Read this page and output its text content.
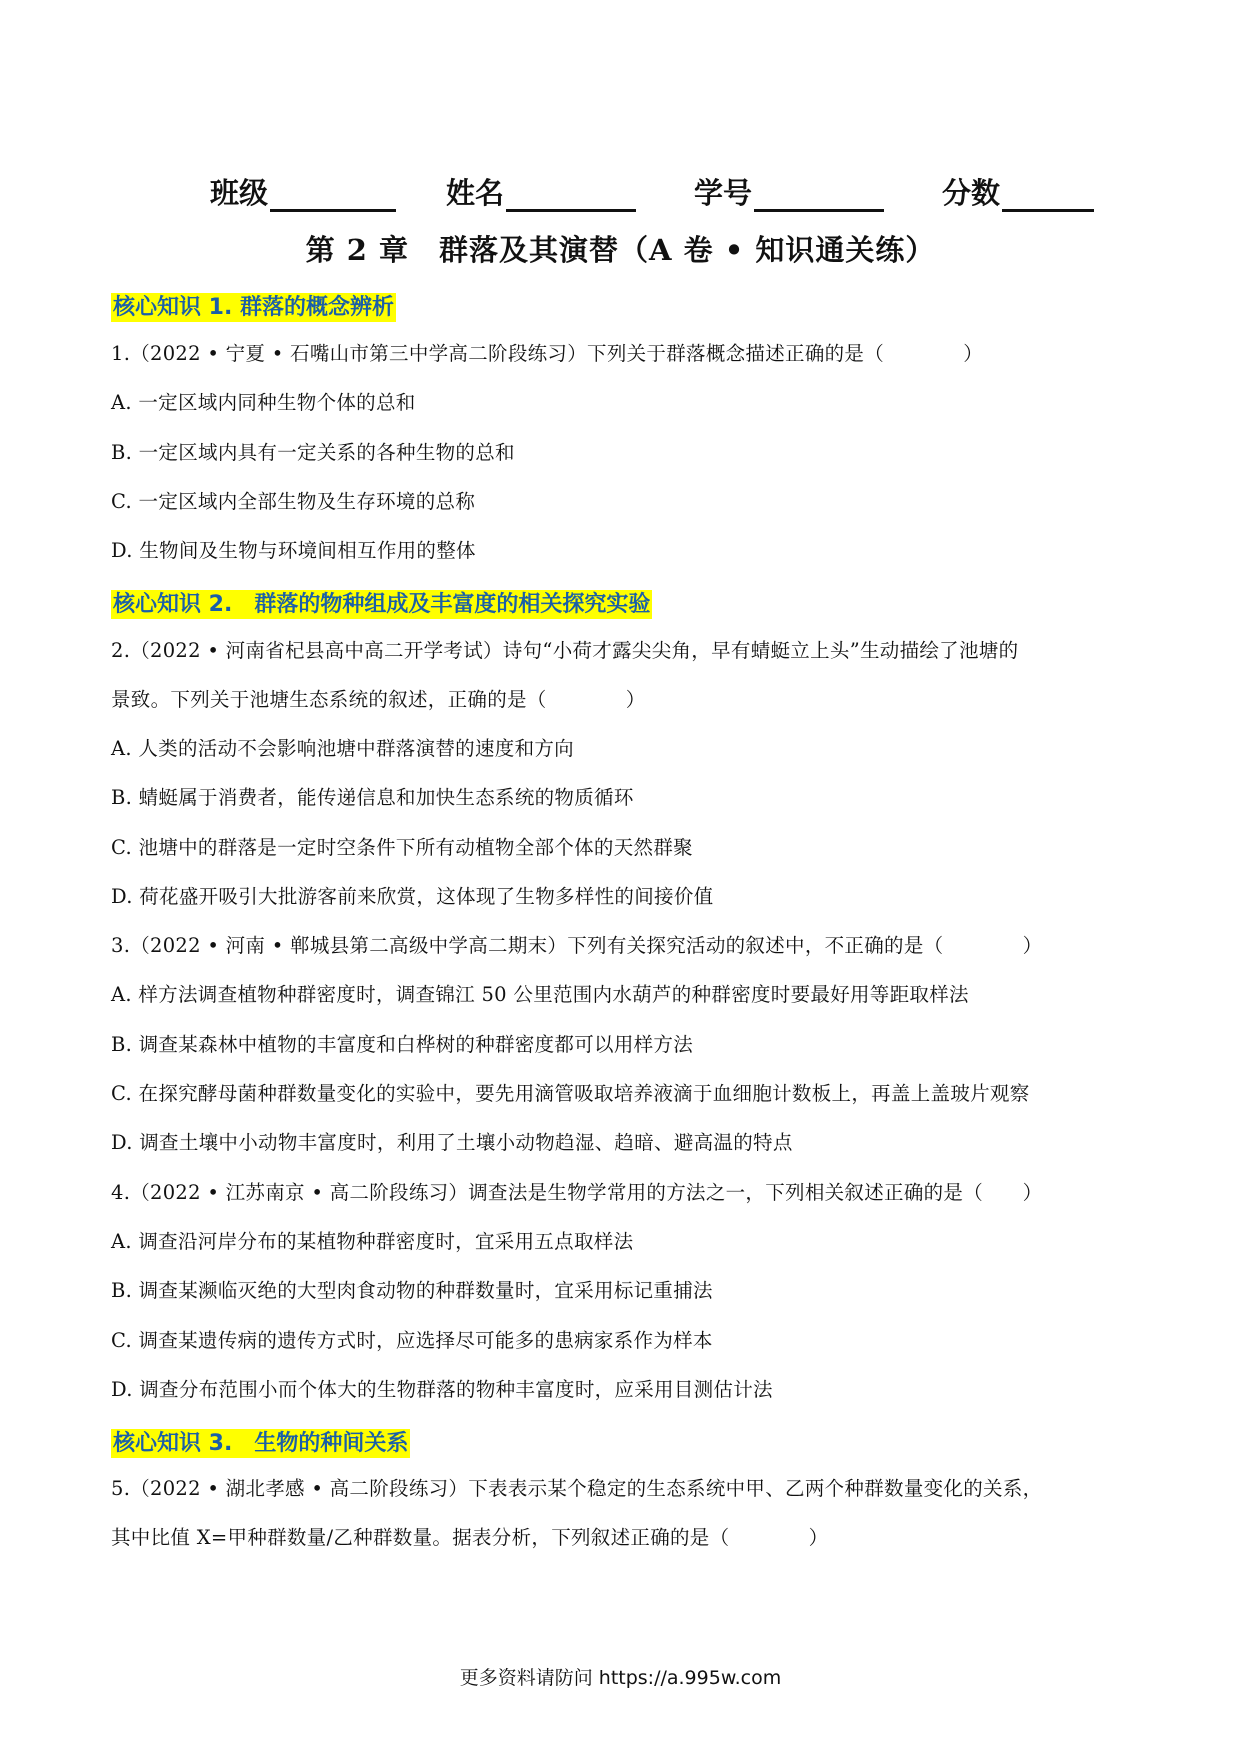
班级	姓名	学号	分数
第 2 章　群落及其演替（A 卷 • 知识通关练）
核心知识 1. 群落的概念辨析
1.（2022 • 宁夏 • 石嘴山市第三中学高二阶段练习）下列关于群落概念描述正确的是（　　　　）
A. 一定区域内同种生物个体的总和
B. 一定区域内具有一定关系的各种生物的总和
C. 一定区域内全部生物及生存环境的总称
D. 生物间及生物与环境间相互作用的整体
核心知识 2.　群落的物种组成及丰富度的相关探究实验
2.（2022 • 河南省杞县高中高二开学考试）诗句“小荷才露尖尖角，早有蜻蜓立上头”生动描绘了池塘的
景致。下列关于池塘生态系统的叙述，正确的是（　　　　）
A. 人类的活动不会影响池塘中群落演替的速度和方向
B. 蜻蜓属于消费者，能传递信息和加快生态系统的物质循环
C. 池塘中的群落是一定时空条件下所有动植物全部个体的天然群聚
D. 荷花盛开吸引大批游客前来欣赏，这体现了生物多样性的间接价值
3.（2022 • 河南 • 郸城县第二高级中学高二期末）下列有关探究活动的叙述中，不正确的是（　　　　）
A. 样方法调查植物种群密度时，调查锦江 50 公里范围内水葫芦的种群密度时要最好用等距取样法
B. 调查某森林中植物的丰富度和白桦树的种群密度都可以用样方法
C. 在探究酵母菌种群数量变化的实验中，要先用滴管吸取培养液滴于血细胞计数板上，再盖上盖玻片观察
D. 调查土壤中小动物丰富度时，利用了土壤小动物趋湿、趋暗、避高温的特点
4.（2022 • 江苏南京 • 高二阶段练习）调查法是生物学常用的方法之一，下列相关叙述正确的是（　　）
A. 调查沿河岸分布的某植物种群密度时，宜采用五点取样法
B. 调查某濒临灭绝的大型肉食动物的种群数量时，宜采用标记重捕法
C. 调查某遗传病的遗传方式时，应选择尽可能多的患病家系作为样本
D. 调查分布范围小而个体大的生物群落的物种丰富度时，应采用目测估计法
核心知识 3.　生物的种间关系
5.（2022 • 湖北孝感 • 高二阶段练习）下表表示某个稳定的生态系统中甲、乙两个种群数量变化的关系，
其中比值 X=甲种群数量/乙种群数量。据表分析，下列叙述正确的是（　　　　）
更多资料请防问 https://a.995w.com
